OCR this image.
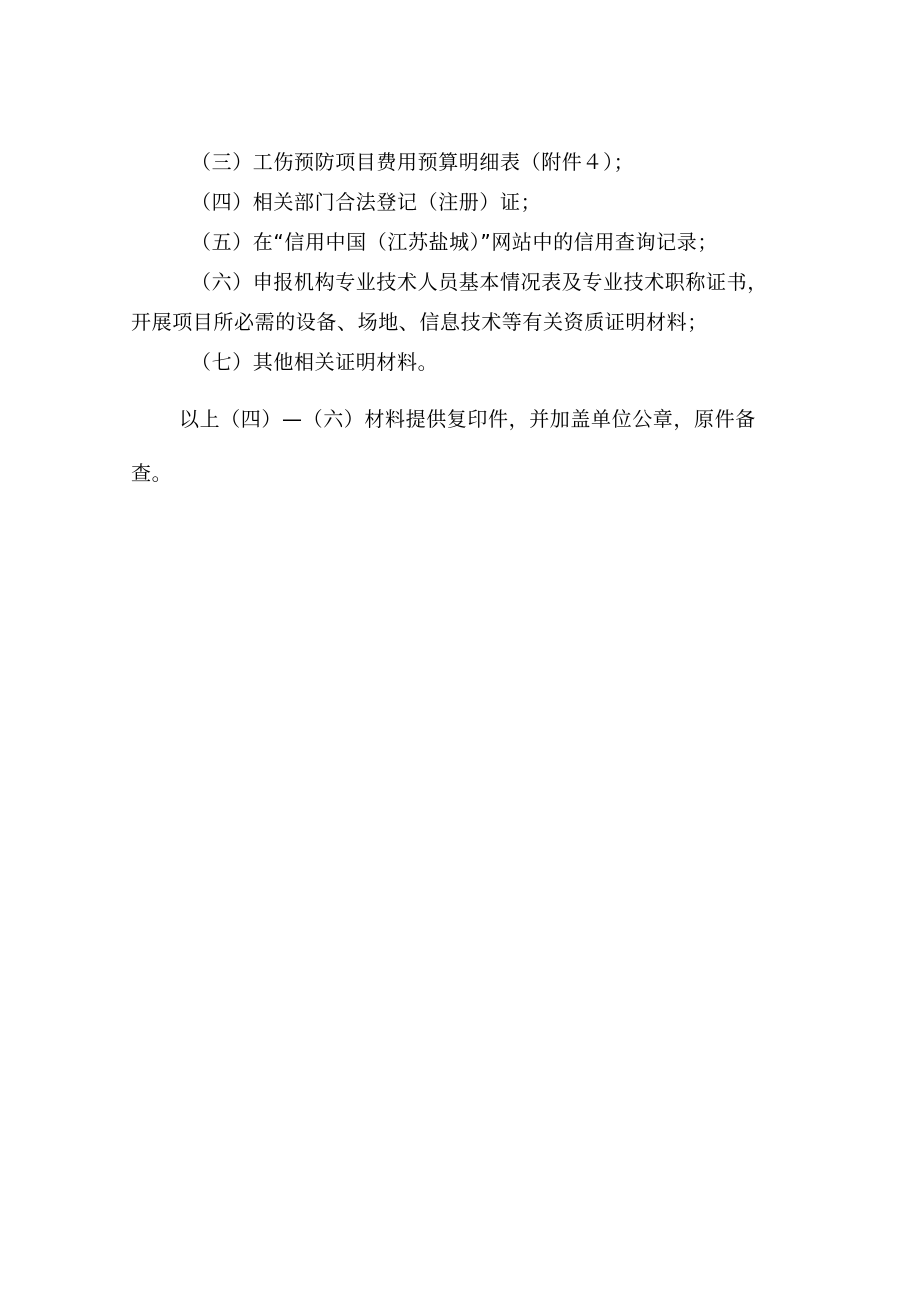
（三）工伤预防项目费用预算明细表（附件４）；

（四）相关部门合法登记（注册）证；

（五）在“信用中国（江苏盐城）”网站中的信用查询记录；

（六）申报机构专业技术人员基本情况表及专业技术职称证书，
开展项目所必需的设备、场地、信息技术等有关资质证明材料；

（七）其他相关证明材料。

以上（四）—（六）材料提供复印件，并加盖单位公章，原件备
查。
